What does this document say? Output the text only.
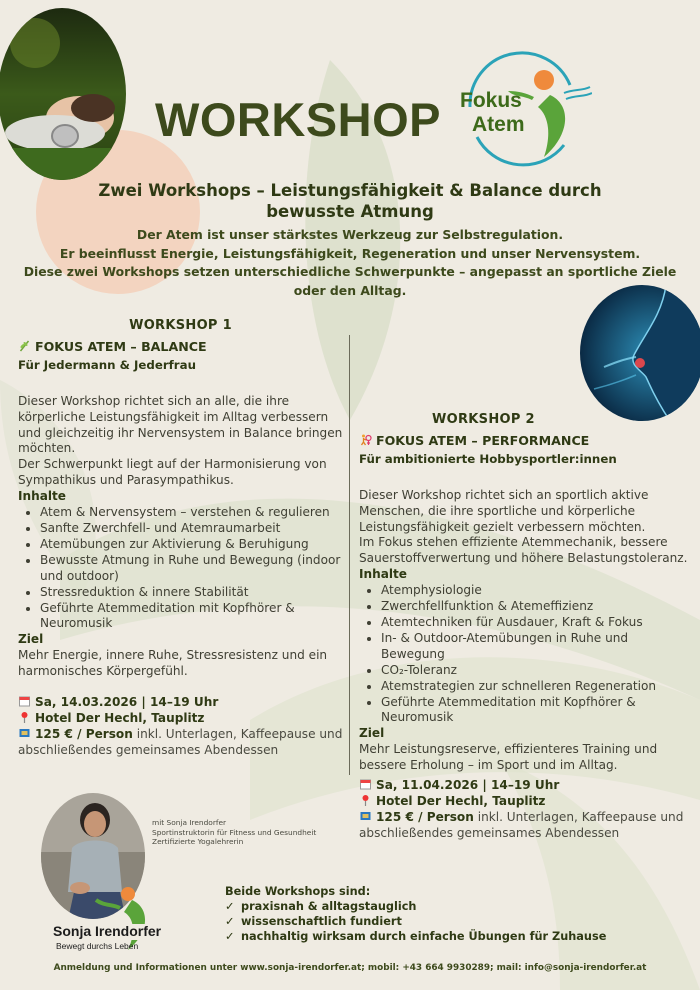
Fokus
Atem
WORKSHOP
Zwei Workshops – Leistungsfähigkeit & Balance durch bewusste Atmung
Der Atem ist unser stärkstes Werkzeug zur Selbstregulation.
Er beeinflusst Energie, Leistungsfähigkeit, Regeneration und unser Nervensystem.
Diese zwei Workshops setzen unterschiedliche Schwerpunkte – angepasst an sportliche Ziele oder den Alltag.
WORKSHOP 1
FOKUS ATEM – BALANCE
Für Jedermann & Jederfrau

Dieser Workshop richtet sich an alle, die ihre körperliche Leistungsfähigkeit im Alltag verbessern und gleichzeitig ihr Nervensystem in Balance bringen möchten.

Der Schwerpunkt liegt auf der Harmonisierung von Sympathikus und Parasympathikus.

Inhalte
• Atem & Nervensystem – verstehen & regulieren
• Sanfte Zwerchfell- und Atemraumarbeit
• Atemübungen zur Aktivierung & Beruhigung
• Bewusste Atmung in Ruhe und Bewegung (indoor und outdoor)
• Stressreduktion & innere Stabilität
• Geführte Atemmeditation mit Kopfhörer & Neuromusik
Ziel

Mehr Energie, innere Ruhe, Stressresistenz und ein harmonisches Körpergefühl.

Sa, 14.03.2026 | 14–19 Uhr
Hotel Der Hechl, Tauplitz
125 € / Person inkl. Unterlagen, Kaffeepause und abschließendes gemeinsames Abendessen
WORKSHOP 2
FOKUS ATEM – PERFORMANCE
Für ambitionierte Hobbysportler:innen

Dieser Workshop richtet sich an sportlich aktive Menschen, die ihre sportliche und körperliche Leistungsfähigkeit gezielt verbessern möchten.

Im Fokus stehen effiziente Atemmechanik, bessere Sauerstoffverwertung und höhere Belastungstoleranz.

Inhalte
• Atemphysiologie
• Zwerchfellfunktion & Atemeffizienz
• Atemtechniken für Ausdauer, Kraft & Fokus
• In- & Outdoor-Atemübungen in Ruhe und Bewegung
• CO₂-Toleranz
• Atemstrategien zur schnelleren Regeneration
• Geführte Atemmeditation mit Kopfhörer & Neuromusik
Ziel

Mehr Leistungsreserve, effizienteres Training und bessere Erholung – im Sport und im Alltag.

Sa, 11.04.2026 | 14–19 Uhr
Hotel Der Hechl, Tauplitz
125 € / Person inkl. Unterlagen, Kaffeepause und abschließendes gemeinsames Abendessen
Sonja Irendorfer
Bewegt durchs Leben
mit Sonja Irendorfer
Sportinstruktorin für Fitness und Gesundheit
Zertifizierte Yogalehrerin
Beide Workshops sind:
✓ praxisnah & alltagstauglich
✓ wissenschaftlich fundiert
✓ nachhaltig wirksam durch einfache Übungen für Zuhause
Anmeldung und Informationen unter www.sonja-irendorfer.at; mobil: +43 664 9930289; mail: info@sonja-irendorfer.at
